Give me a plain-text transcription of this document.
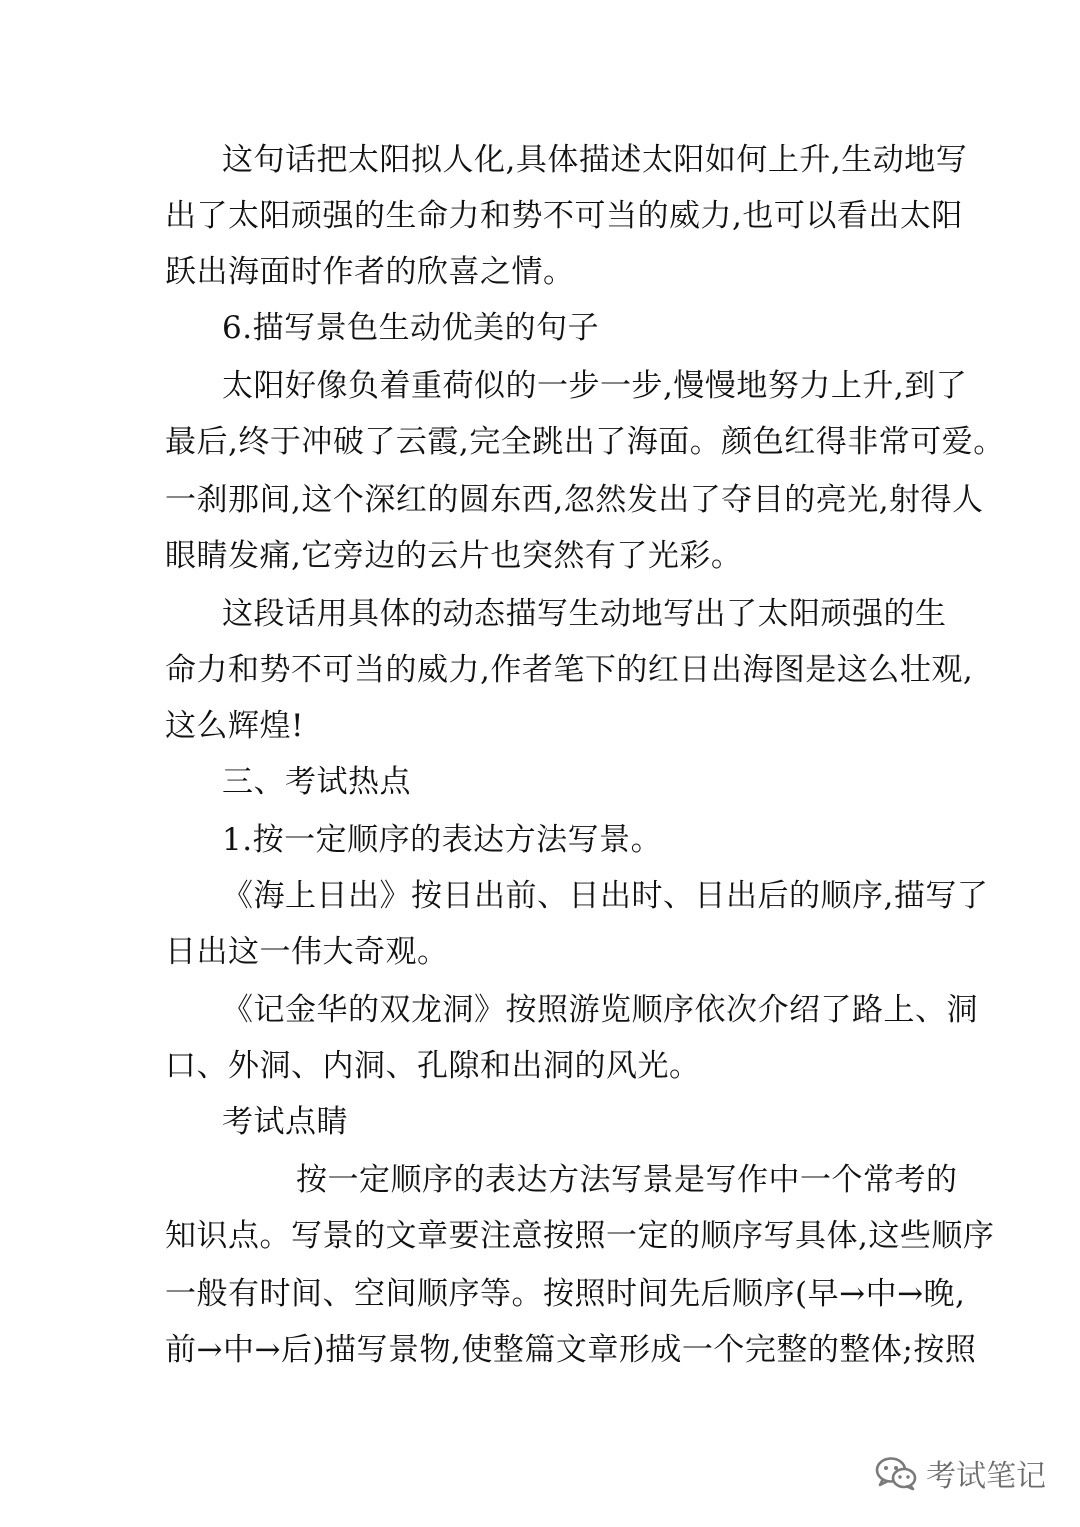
这句话把太阳拟人化,具体描述太阳如何上升,生动地写
出了太阳顽强的生命力和势不可当的威力,也可以看出太阳
跃出海面时作者的欣喜之情。
6.描写景色生动优美的句子
太阳好像负着重荷似的一步一步,慢慢地努力上升,到了
最后,终于冲破了云霞,完全跳出了海面。颜色红得非常可爱。
一刹那间,这个深红的圆东西,忽然发出了夺目的亮光,射得人
眼睛发痛,它旁边的云片也突然有了光彩。
这段话用具体的动态描写生动地写出了太阳顽强的生
命力和势不可当的威力,作者笔下的红日出海图是这么壮观,
这么辉煌!
三、考试热点
1.按一定顺序的表达方法写景。
《海上日出》按日出前、日出时、日出后的顺序,描写了
日出这一伟大奇观。
《记金华的双龙洞》按照游览顺序依次介绍了路上、洞
口、外洞、内洞、孔隙和出洞的风光。
考试点睛
按一定顺序的表达方法写景是写作中一个常考的
知识点。写景的文章要注意按照一定的顺序写具体,这些顺序
一般有时间、空间顺序等。按照时间先后顺序(早→中→晚,
前→中→后)描写景物,使整篇文章形成一个完整的整体;按照
考试笔记
